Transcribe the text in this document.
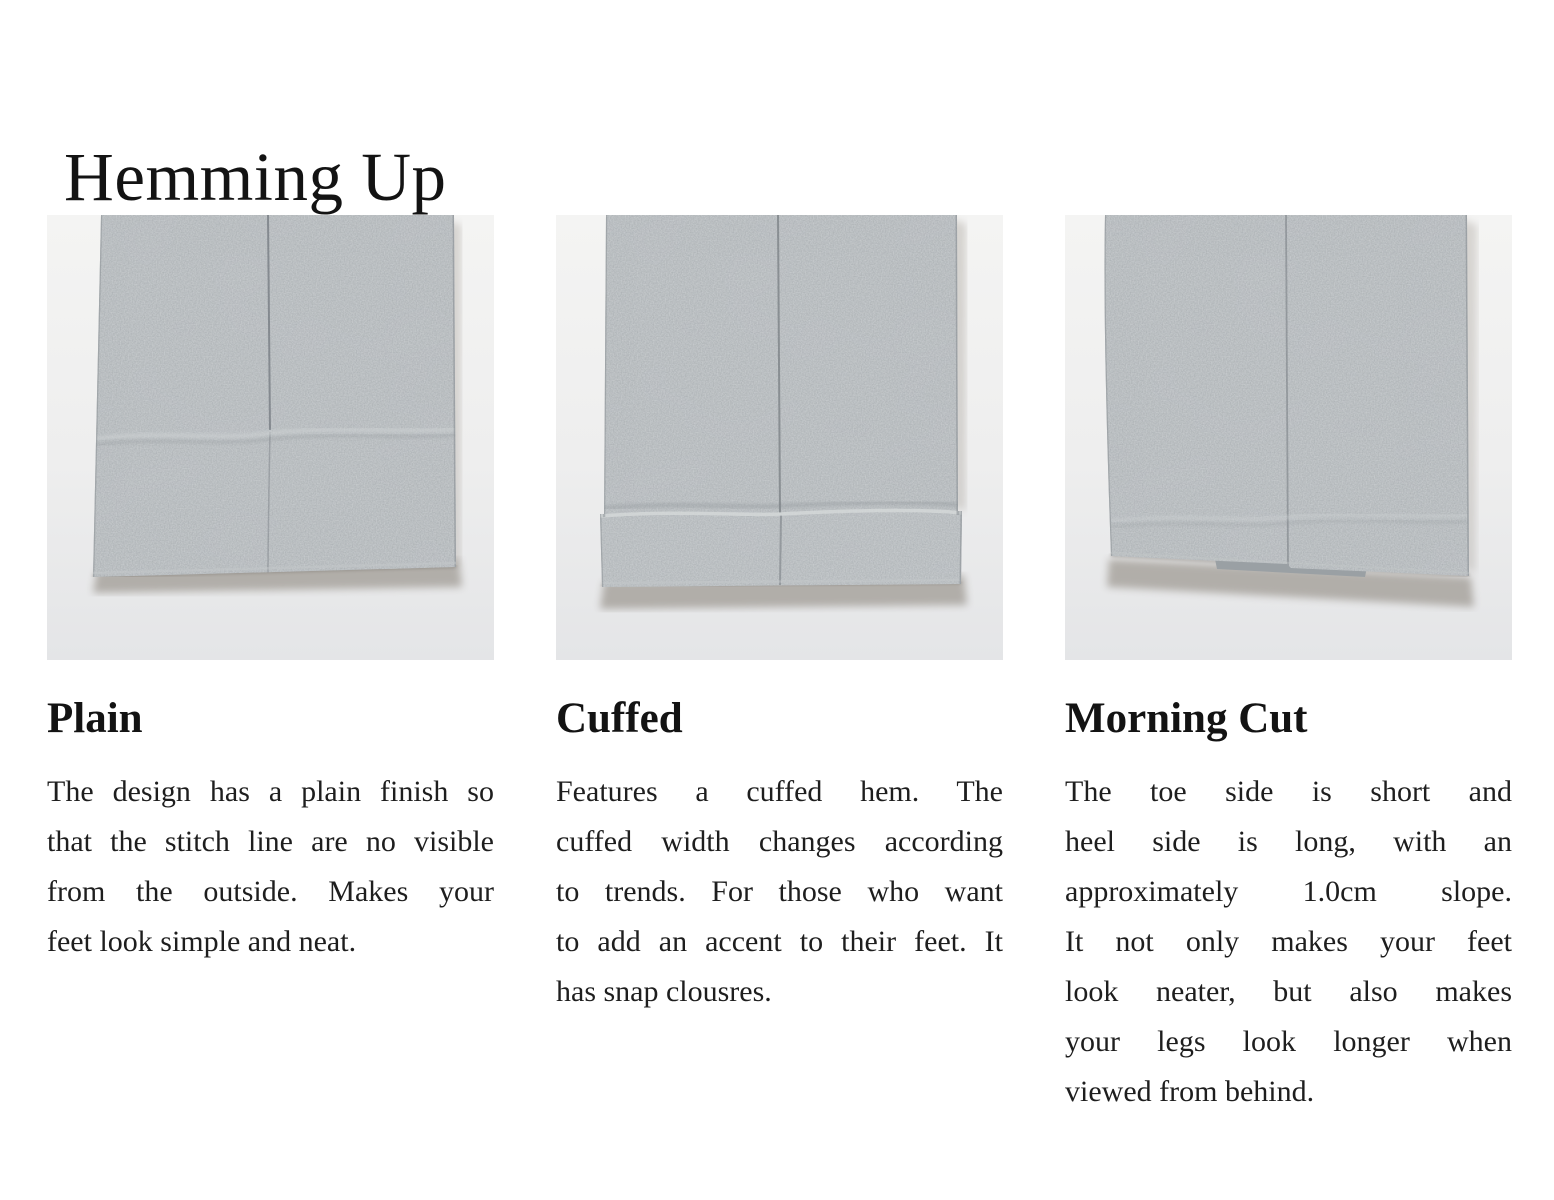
Hemming Up
Plain
The design has a plain finish so
that the stitch line are no visible
from the outside. Makes your
feet look simple and neat.
Cuffed
Features a cuffed hem. The
cuffed width changes according
to trends. For those who want
to add an accent to their feet. It
has snap clousres.
Morning Cut
The toe side is short and
heel side is long, with an
approximately 1.0cm slope.
It not only makes your feet
look neater, but also makes
your legs look longer when
viewed from behind.
